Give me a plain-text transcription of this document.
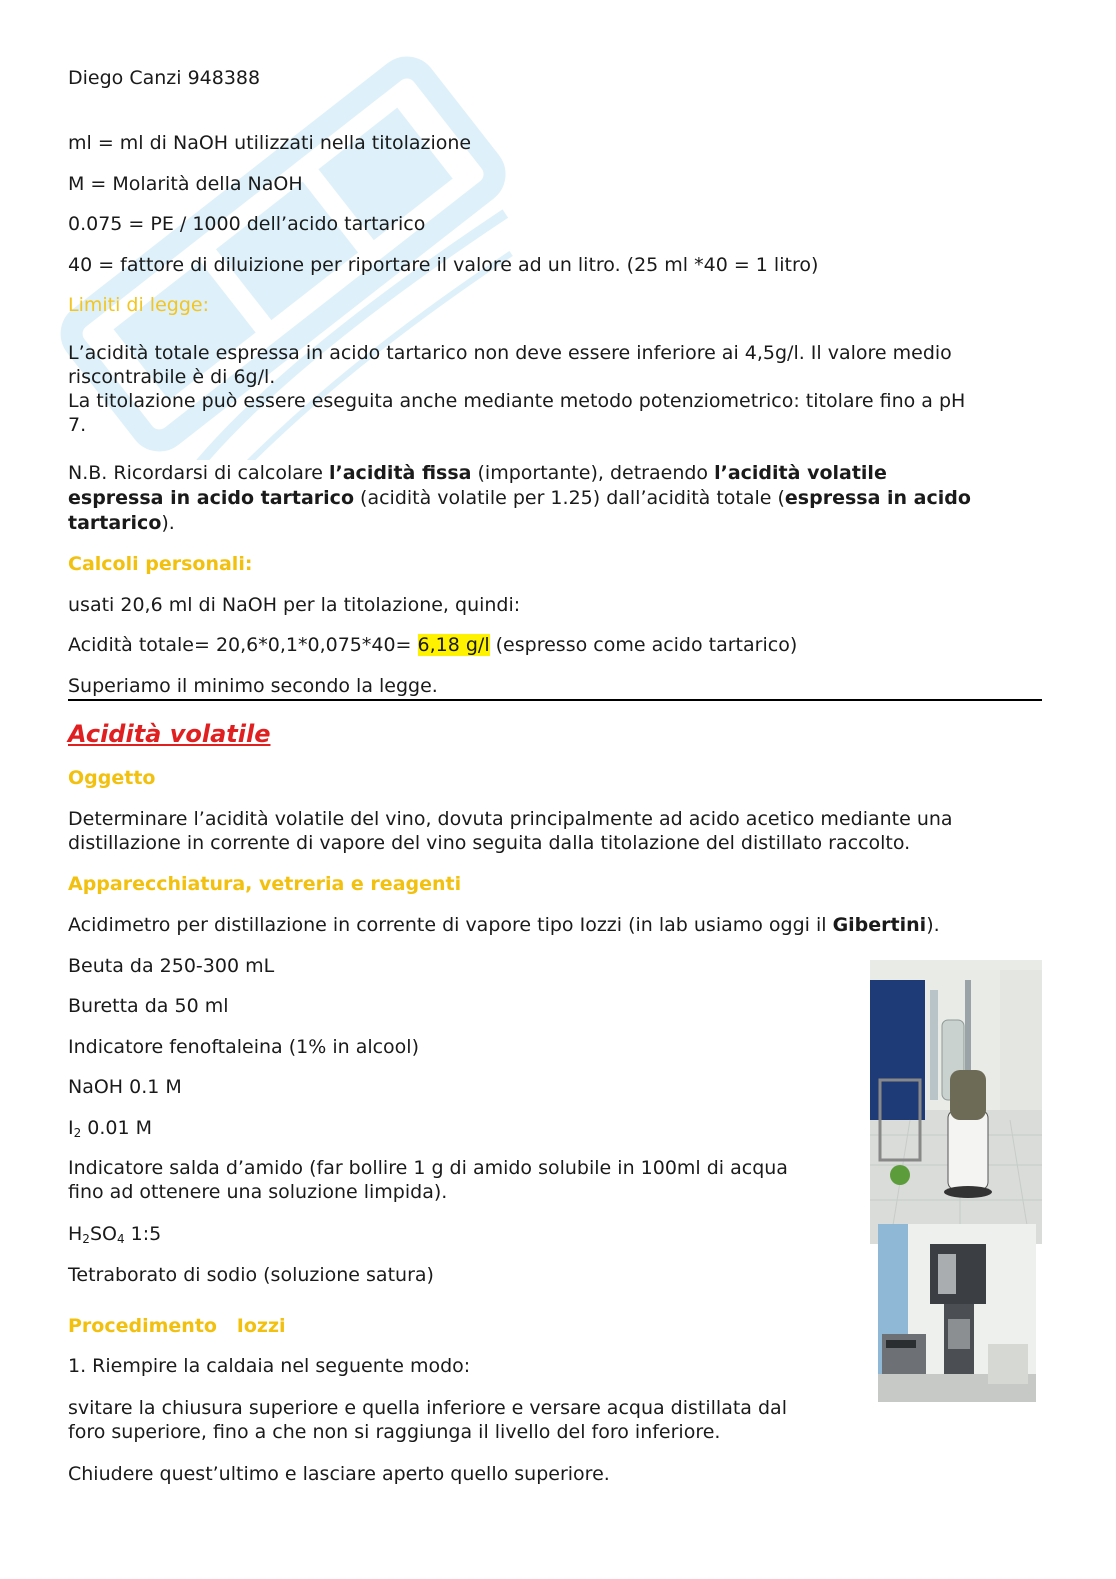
Diego Canzi 948388
ml = ml di NaOH utilizzati nella titolazione
M = Molarità della NaOH
0.075 = PE / 1000 dell’acido tartarico
40 = fattore di diluizione per riportare il valore ad un litro. (25 ml *40 = 1 litro)
Limiti di legge:
L’acidità totale espressa in acido tartarico non deve essere inferiore ai 4,5g/l. Il valore medio
riscontrabile è di 6g/l.
La titolazione può essere eseguita anche mediante metodo potenziometrico: titolare fino a pH
7.
N.B. Ricordarsi di calcolare l’acidità fissa (importante), detraendo l’acidità volatile
espressa in acido tartarico (acidità volatile per 1.25) dall’acidità totale (espressa in acido
tartarico).
Calcoli personali:
usati 20,6 ml di NaOH per la titolazione, quindi:
Acidità totale= 20,6*0,1*0,075*40= 6,18 g/l (espresso come acido tartarico)
Superiamo il minimo secondo la legge.
Acidità volatile
Oggetto
Determinare l’acidità volatile del vino, dovuta principalmente ad acido acetico mediante una
distillazione in corrente di vapore del vino seguita dalla titolazione del distillato raccolto.
Apparecchiatura, vetreria e reagenti
Acidimetro per distillazione in corrente di vapore tipo Iozzi (in lab usiamo oggi il Gibertini).
Beuta da 250-300 mL
Buretta da 50 ml
Indicatore fenoftaleina (1% in alcool)
NaOH 0.1 M
$I_2$ 0.01 M
Indicatore salda d’amido (far bollire 1 g di amido solubile in 100ml di acqua
fino ad ottenere una soluzione limpida).
$H_2SO_4$ 1:5
Tetraborato di sodio (soluzione satura)
Procedimento   Iozzi
1. Riempire la caldaia nel seguente modo:
svitare la chiusura superiore e quella inferiore e versare acqua distillata dal
foro superiore, fino a che non si raggiunga il livello del foro inferiore.
Chiudere quest’ultimo e lasciare aperto quello superiore.
